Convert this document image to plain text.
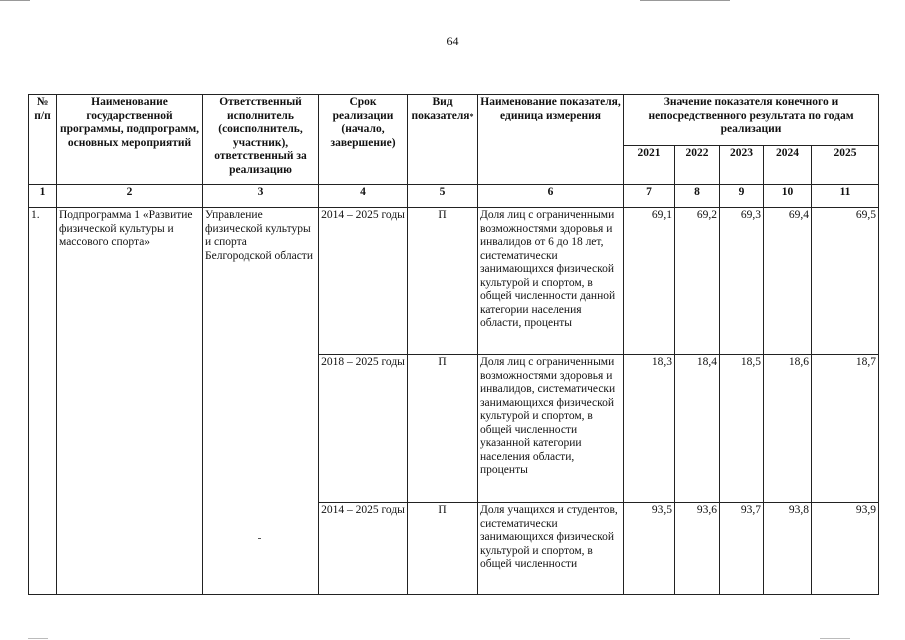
64
№ п/п	Наименование государственной программы, подпрограмм, основных мероприятий	Ответственный исполнитель (соисполнитель, участник), ответственный за реализацию	Срок реализации (начало, завершение)	Вид показателя*	Наименование показателя, единица измерения	Значение показателя конечного и непосредственного результата по годам реализации				
						2021	2022	2023	2024	2025
1	2	3	4	5	6	7	8	9	10	11
1.	Подпрограмма 1 «Развитие физической культуры и массового спорта»	Управление физической культуры и спорта Белгородской области	2014 – 2025 годы	П	Доля лиц с ограниченными возможностями здоровья и инвалидов от 6 до 18 лет, систематически занимающихся физической культурой и спортом, в общей численности данной категории населения области, проценты	69,1	69,2	69,3	69,4	69,5
			2018 – 2025 годы	П	Доля лиц с ограниченными возможностями здоровья и инвалидов, систематически занимающихся физической культурой и спортом, в общей численности указанной категории населения области, проценты	18,3	18,4	18,5	18,6	18,7
			2014 – 2025 годы	П	Доля учащихся и студентов, систематически занимающихся физической культурой и спортом, в общей численности	93,5	93,6	93,7	93,8	93,9
